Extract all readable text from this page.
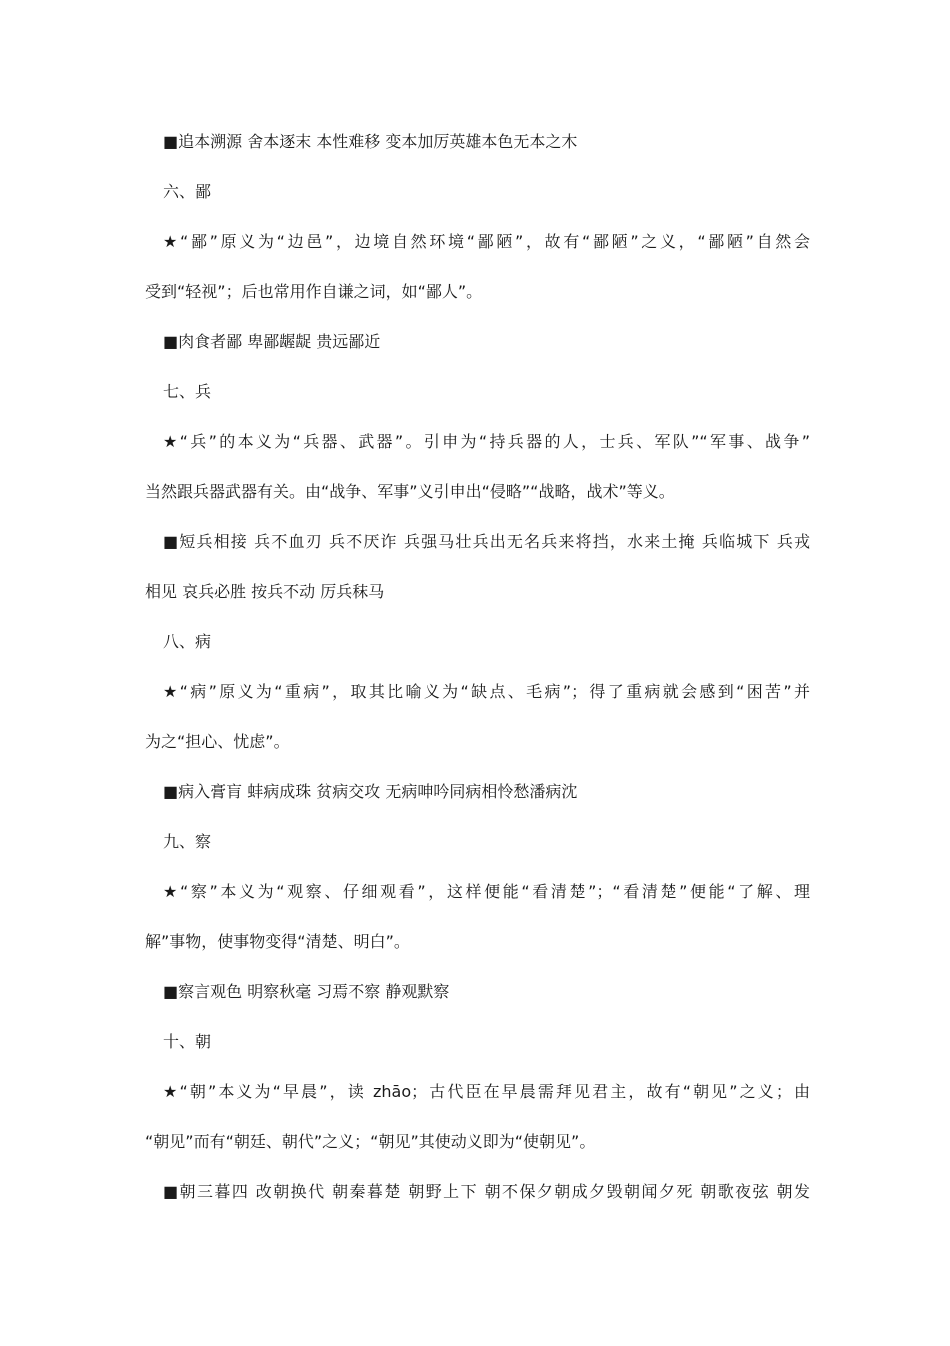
■追本溯源 舍本逐末 本性难移 变本加厉英雄本色无本之木
六、鄙
★“鄙”原义为“边邑”，边境自然环境“鄙陋”，故有“鄙陋”之义，“鄙陋”自然会
受到“轻视”；后也常用作自谦之词，如“鄙人”。
■肉食者鄙 卑鄙龌龊 贵远鄙近
七、兵
★“兵”的本义为“兵器、武器”。引申为“持兵器的人，士兵、军队”“军事、战争”
当然跟兵器武器有关。由“战争、军事”义引申出“侵略”“战略，战术”等义。
■短兵相接 兵不血刃 兵不厌诈 兵强马壮兵出无名兵来将挡，水来土掩 兵临城下 兵戎
相见 哀兵必胜 按兵不动 厉兵秣马
八、病
★“病”原义为“重病”，取其比喻义为“缺点、毛病”；得了重病就会感到“困苦”并
为之“担心、忧虑”。
■病入膏肓 蚌病成珠 贫病交攻 无病呻吟同病相怜愁潘病沈
九、察
★“察”本义为“观察、仔细观看”，这样便能“看清楚”；“看清楚”便能“了解、理
解”事物，使事物变得“清楚、明白”。
■察言观色 明察秋毫 习焉不察 静观默察
十、朝
★“朝”本义为“早晨”，读 zhāo；古代臣在早晨需拜见君主，故有“朝见”之义；由
“朝见”而有“朝廷、朝代”之义；“朝见”其使动义即为“使朝见”。
■朝三暮四 改朝换代 朝秦暮楚 朝野上下 朝不保夕朝成夕毁朝闻夕死 朝歌夜弦 朝发
